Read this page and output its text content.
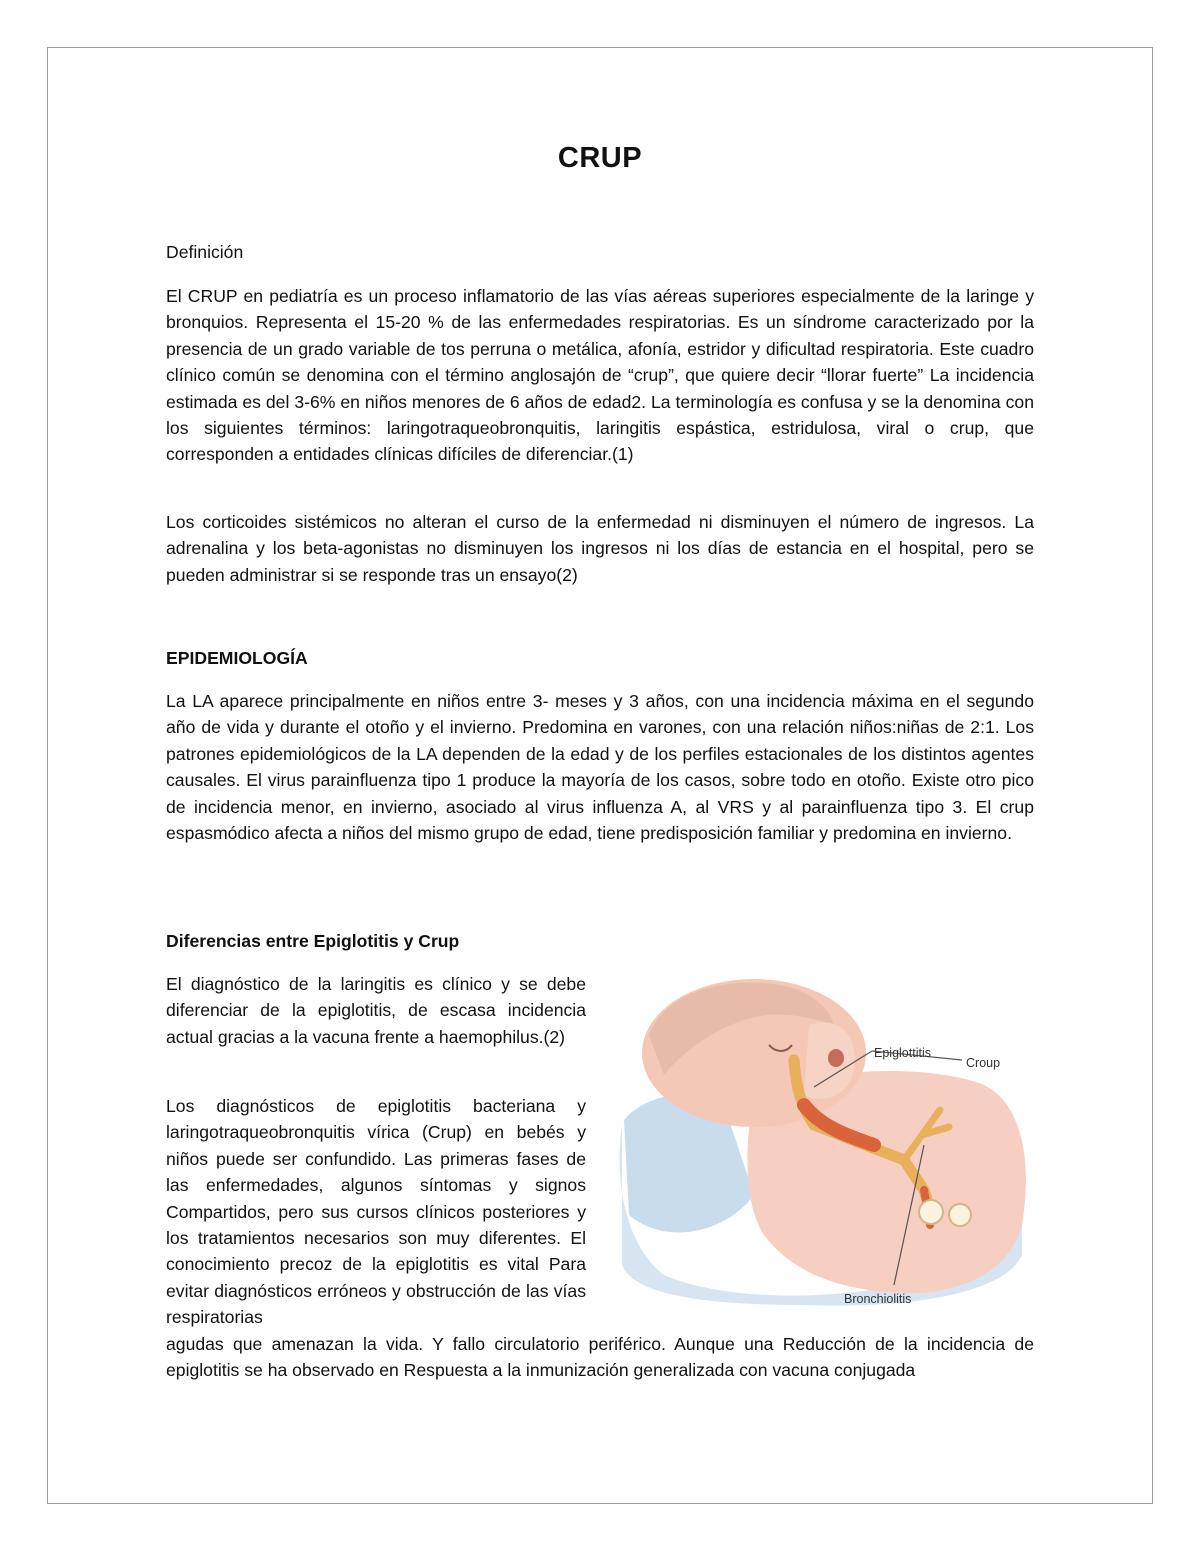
CRUP
Definición
El CRUP en pediatría es un proceso inflamatorio de las vías aéreas superiores especialmente de la laringe y bronquios. Representa el 15-20 % de las enfermedades respiratorias. Es un síndrome caracterizado por la presencia de un grado variable de tos perruna o metálica, afonía, estridor y dificultad respiratoria. Este cuadro clínico común se denomina con el término anglosajón de “crup”, que quiere decir “llorar fuerte” La incidencia estimada es del 3-6% en niños menores de 6 años de edad2. La terminología es confusa y se la denomina con los siguientes términos: laringotraqueobronquitis, laringitis espástica, estridulosa, viral o crup, que corresponden a entidades clínicas difíciles de diferenciar.(1)
Los corticoides sistémicos no alteran el curso de la enfermedad ni disminuyen el número de ingresos. La adrenalina y los beta-agonistas no disminuyen los ingresos ni los días de estancia en el hospital, pero se pueden administrar si se responde tras un ensayo(2)
EPIDEMIOLOGÍA
La LA aparece principalmente en niños entre 3- meses y 3 años, con una incidencia máxima en el segundo año de vida y durante el otoño y el invierno. Predomina en varones, con una relación niños:niñas de 2:1. Los patrones epidemiológicos de la LA dependen de la edad y de los perfiles estacionales de los distintos agentes causales. El virus parainfluenza tipo 1 produce la mayoría de los casos, sobre todo en otoño. Existe otro pico de incidencia menor, en invierno, asociado al virus influenza A, al VRS y al parainfluenza tipo 3. El crup espasmódico afecta a niños del mismo grupo de edad, tiene predisposición familiar y predomina en invierno.
Diferencias entre Epiglotitis y Crup
El diagnóstico de la laringitis es clínico y se debe diferenciar de la epiglotitis, de escasa incidencia actual gracias a la vacuna frente a haemophilus.(2)
Los diagnósticos de epiglotitis bacteriana y laringotraqueobronquitis vírica (Crup) en bebés y niños puede ser confundido. Las primeras fases de las enfermedades, algunos síntomas y signos Compartidos, pero sus cursos clínicos posteriores y los tratamientos necesarios son muy diferentes. El conocimiento precoz de la epiglotitis es vital Para evitar diagnósticos erróneos y obstrucción de las vías respiratorias
agudas que amenazan la vida. Y fallo circulatorio periférico. Aunque una Reducción de la incidencia de epiglotitis se ha observado en Respuesta a la inmunización generalizada con vacuna conjugada
Epiglottitis
Croup
Bronchiolitis
